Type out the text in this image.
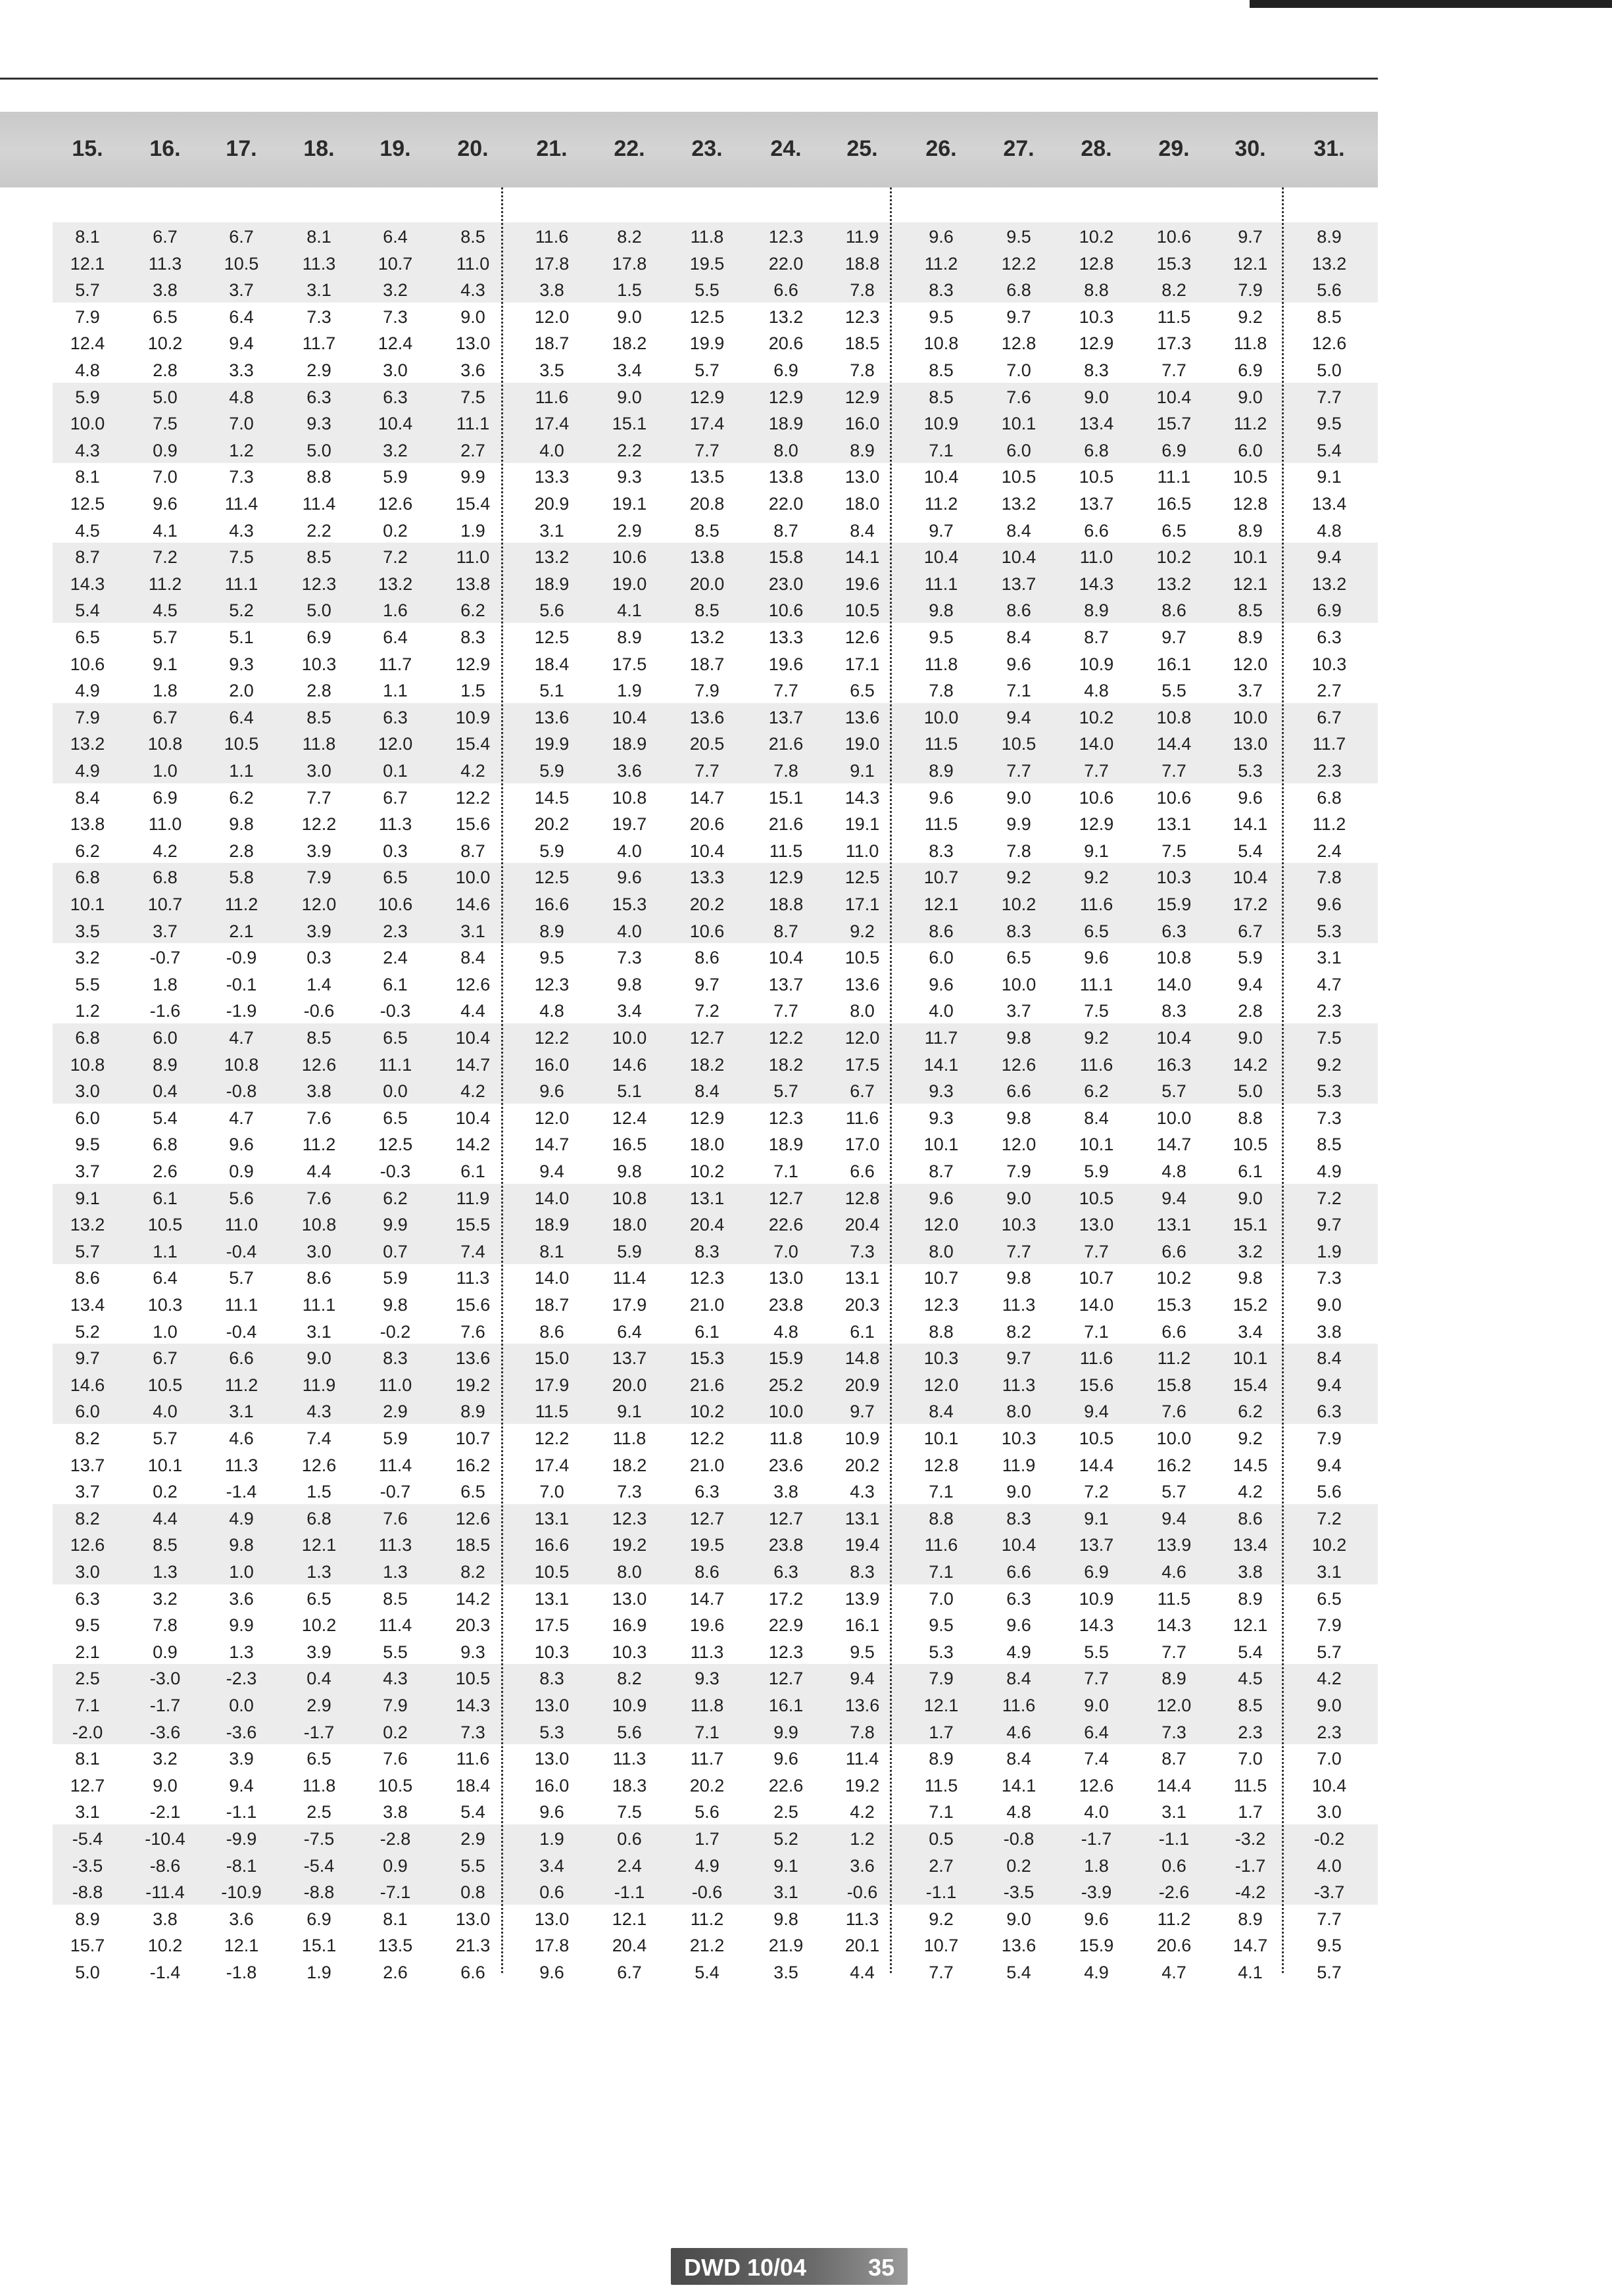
15.	16.	17.	18.	19.	20.	21.	22.	23.	24.	25.	26.	27.	28.	29.	30.	31.
8.1	6.7	6.7	8.1	6.4	8.5	11.6	8.2	11.8	12.3	11.9	9.6	9.5	10.2	10.6	9.7	8.9
12.1	11.3	10.5	11.3	10.7	11.0	17.8	17.8	19.5	22.0	18.8	11.2	12.2	12.8	15.3	12.1	13.2
5.7	3.8	3.7	3.1	3.2	4.3	3.8	1.5	5.5	6.6	7.8	8.3	6.8	8.8	8.2	7.9	5.6
7.9	6.5	6.4	7.3	7.3	9.0	12.0	9.0	12.5	13.2	12.3	9.5	9.7	10.3	11.5	9.2	8.5
12.4	10.2	9.4	11.7	12.4	13.0	18.7	18.2	19.9	20.6	18.5	10.8	12.8	12.9	17.3	11.8	12.6
4.8	2.8	3.3	2.9	3.0	3.6	3.5	3.4	5.7	6.9	7.8	8.5	7.0	8.3	7.7	6.9	5.0
5.9	5.0	4.8	6.3	6.3	7.5	11.6	9.0	12.9	12.9	12.9	8.5	7.6	9.0	10.4	9.0	7.7
10.0	7.5	7.0	9.3	10.4	11.1	17.4	15.1	17.4	18.9	16.0	10.9	10.1	13.4	15.7	11.2	9.5
4.3	0.9	1.2	5.0	3.2	2.7	4.0	2.2	7.7	8.0	8.9	7.1	6.0	6.8	6.9	6.0	5.4
8.1	7.0	7.3	8.8	5.9	9.9	13.3	9.3	13.5	13.8	13.0	10.4	10.5	10.5	11.1	10.5	9.1
12.5	9.6	11.4	11.4	12.6	15.4	20.9	19.1	20.8	22.0	18.0	11.2	13.2	13.7	16.5	12.8	13.4
4.5	4.1	4.3	2.2	0.2	1.9	3.1	2.9	8.5	8.7	8.4	9.7	8.4	6.6	6.5	8.9	4.8
8.7	7.2	7.5	8.5	7.2	11.0	13.2	10.6	13.8	15.8	14.1	10.4	10.4	11.0	10.2	10.1	9.4
14.3	11.2	11.1	12.3	13.2	13.8	18.9	19.0	20.0	23.0	19.6	11.1	13.7	14.3	13.2	12.1	13.2
5.4	4.5	5.2	5.0	1.6	6.2	5.6	4.1	8.5	10.6	10.5	9.8	8.6	8.9	8.6	8.5	6.9
6.5	5.7	5.1	6.9	6.4	8.3	12.5	8.9	13.2	13.3	12.6	9.5	8.4	8.7	9.7	8.9	6.3
10.6	9.1	9.3	10.3	11.7	12.9	18.4	17.5	18.7	19.6	17.1	11.8	9.6	10.9	16.1	12.0	10.3
4.9	1.8	2.0	2.8	1.1	1.5	5.1	1.9	7.9	7.7	6.5	7.8	7.1	4.8	5.5	3.7	2.7
7.9	6.7	6.4	8.5	6.3	10.9	13.6	10.4	13.6	13.7	13.6	10.0	9.4	10.2	10.8	10.0	6.7
13.2	10.8	10.5	11.8	12.0	15.4	19.9	18.9	20.5	21.6	19.0	11.5	10.5	14.0	14.4	13.0	11.7
4.9	1.0	1.1	3.0	0.1	4.2	5.9	3.6	7.7	7.8	9.1	8.9	7.7	7.7	7.7	5.3	2.3
8.4	6.9	6.2	7.7	6.7	12.2	14.5	10.8	14.7	15.1	14.3	9.6	9.0	10.6	10.6	9.6	6.8
13.8	11.0	9.8	12.2	11.3	15.6	20.2	19.7	20.6	21.6	19.1	11.5	9.9	12.9	13.1	14.1	11.2
6.2	4.2	2.8	3.9	0.3	8.7	5.9	4.0	10.4	11.5	11.0	8.3	7.8	9.1	7.5	5.4	2.4
6.8	6.8	5.8	7.9	6.5	10.0	12.5	9.6	13.3	12.9	12.5	10.7	9.2	9.2	10.3	10.4	7.8
10.1	10.7	11.2	12.0	10.6	14.6	16.6	15.3	20.2	18.8	17.1	12.1	10.2	11.6	15.9	17.2	9.6
3.5	3.7	2.1	3.9	2.3	3.1	8.9	4.0	10.6	8.7	9.2	8.6	8.3	6.5	6.3	6.7	5.3
3.2	-0.7	-0.9	0.3	2.4	8.4	9.5	7.3	8.6	10.4	10.5	6.0	6.5	9.6	10.8	5.9	3.1
5.5	1.8	-0.1	1.4	6.1	12.6	12.3	9.8	9.7	13.7	13.6	9.6	10.0	11.1	14.0	9.4	4.7
1.2	-1.6	-1.9	-0.6	-0.3	4.4	4.8	3.4	7.2	7.7	8.0	4.0	3.7	7.5	8.3	2.8	2.3
6.8	6.0	4.7	8.5	6.5	10.4	12.2	10.0	12.7	12.2	12.0	11.7	9.8	9.2	10.4	9.0	7.5
10.8	8.9	10.8	12.6	11.1	14.7	16.0	14.6	18.2	18.2	17.5	14.1	12.6	11.6	16.3	14.2	9.2
3.0	0.4	-0.8	3.8	0.0	4.2	9.6	5.1	8.4	5.7	6.7	9.3	6.6	6.2	5.7	5.0	5.3
6.0	5.4	4.7	7.6	6.5	10.4	12.0	12.4	12.9	12.3	11.6	9.3	9.8	8.4	10.0	8.8	7.3
9.5	6.8	9.6	11.2	12.5	14.2	14.7	16.5	18.0	18.9	17.0	10.1	12.0	10.1	14.7	10.5	8.5
3.7	2.6	0.9	4.4	-0.3	6.1	9.4	9.8	10.2	7.1	6.6	8.7	7.9	5.9	4.8	6.1	4.9
9.1	6.1	5.6	7.6	6.2	11.9	14.0	10.8	13.1	12.7	12.8	9.6	9.0	10.5	9.4	9.0	7.2
13.2	10.5	11.0	10.8	9.9	15.5	18.9	18.0	20.4	22.6	20.4	12.0	10.3	13.0	13.1	15.1	9.7
5.7	1.1	-0.4	3.0	0.7	7.4	8.1	5.9	8.3	7.0	7.3	8.0	7.7	7.7	6.6	3.2	1.9
8.6	6.4	5.7	8.6	5.9	11.3	14.0	11.4	12.3	13.0	13.1	10.7	9.8	10.7	10.2	9.8	7.3
13.4	10.3	11.1	11.1	9.8	15.6	18.7	17.9	21.0	23.8	20.3	12.3	11.3	14.0	15.3	15.2	9.0
5.2	1.0	-0.4	3.1	-0.2	7.6	8.6	6.4	6.1	4.8	6.1	8.8	8.2	7.1	6.6	3.4	3.8
9.7	6.7	6.6	9.0	8.3	13.6	15.0	13.7	15.3	15.9	14.8	10.3	9.7	11.6	11.2	10.1	8.4
14.6	10.5	11.2	11.9	11.0	19.2	17.9	20.0	21.6	25.2	20.9	12.0	11.3	15.6	15.8	15.4	9.4
6.0	4.0	3.1	4.3	2.9	8.9	11.5	9.1	10.2	10.0	9.7	8.4	8.0	9.4	7.6	6.2	6.3
8.2	5.7	4.6	7.4	5.9	10.7	12.2	11.8	12.2	11.8	10.9	10.1	10.3	10.5	10.0	9.2	7.9
13.7	10.1	11.3	12.6	11.4	16.2	17.4	18.2	21.0	23.6	20.2	12.8	11.9	14.4	16.2	14.5	9.4
3.7	0.2	-1.4	1.5	-0.7	6.5	7.0	7.3	6.3	3.8	4.3	7.1	9.0	7.2	5.7	4.2	5.6
8.2	4.4	4.9	6.8	7.6	12.6	13.1	12.3	12.7	12.7	13.1	8.8	8.3	9.1	9.4	8.6	7.2
12.6	8.5	9.8	12.1	11.3	18.5	16.6	19.2	19.5	23.8	19.4	11.6	10.4	13.7	13.9	13.4	10.2
3.0	1.3	1.0	1.3	1.3	8.2	10.5	8.0	8.6	6.3	8.3	7.1	6.6	6.9	4.6	3.8	3.1
6.3	3.2	3.6	6.5	8.5	14.2	13.1	13.0	14.7	17.2	13.9	7.0	6.3	10.9	11.5	8.9	6.5
9.5	7.8	9.9	10.2	11.4	20.3	17.5	16.9	19.6	22.9	16.1	9.5	9.6	14.3	14.3	12.1	7.9
2.1	0.9	1.3	3.9	5.5	9.3	10.3	10.3	11.3	12.3	9.5	5.3	4.9	5.5	7.7	5.4	5.7
2.5	-3.0	-2.3	0.4	4.3	10.5	8.3	8.2	9.3	12.7	9.4	7.9	8.4	7.7	8.9	4.5	4.2
7.1	-1.7	0.0	2.9	7.9	14.3	13.0	10.9	11.8	16.1	13.6	12.1	11.6	9.0	12.0	8.5	9.0
-2.0	-3.6	-3.6	-1.7	0.2	7.3	5.3	5.6	7.1	9.9	7.8	1.7	4.6	6.4	7.3	2.3	2.3
8.1	3.2	3.9	6.5	7.6	11.6	13.0	11.3	11.7	9.6	11.4	8.9	8.4	7.4	8.7	7.0	7.0
12.7	9.0	9.4	11.8	10.5	18.4	16.0	18.3	20.2	22.6	19.2	11.5	14.1	12.6	14.4	11.5	10.4
3.1	-2.1	-1.1	2.5	3.8	5.4	9.6	7.5	5.6	2.5	4.2	7.1	4.8	4.0	3.1	1.7	3.0
-5.4	-10.4	-9.9	-7.5	-2.8	2.9	1.9	0.6	1.7	5.2	1.2	0.5	-0.8	-1.7	-1.1	-3.2	-0.2
-3.5	-8.6	-8.1	-5.4	0.9	5.5	3.4	2.4	4.9	9.1	3.6	2.7	0.2	1.8	0.6	-1.7	4.0
-8.8	-11.4	-10.9	-8.8	-7.1	0.8	0.6	-1.1	-0.6	3.1	-0.6	-1.1	-3.5	-3.9	-2.6	-4.2	-3.7
8.9	3.8	3.6	6.9	8.1	13.0	13.0	12.1	11.2	9.8	11.3	9.2	9.0	9.6	11.2	8.9	7.7
15.7	10.2	12.1	15.1	13.5	21.3	17.8	20.4	21.2	21.9	20.1	10.7	13.6	15.9	20.6	14.7	9.5
5.0	-1.4	-1.8	1.9	2.6	6.6	9.6	6.7	5.4	3.5	4.4	7.7	5.4	4.9	4.7	4.1	5.7
DWD 10/04	35
